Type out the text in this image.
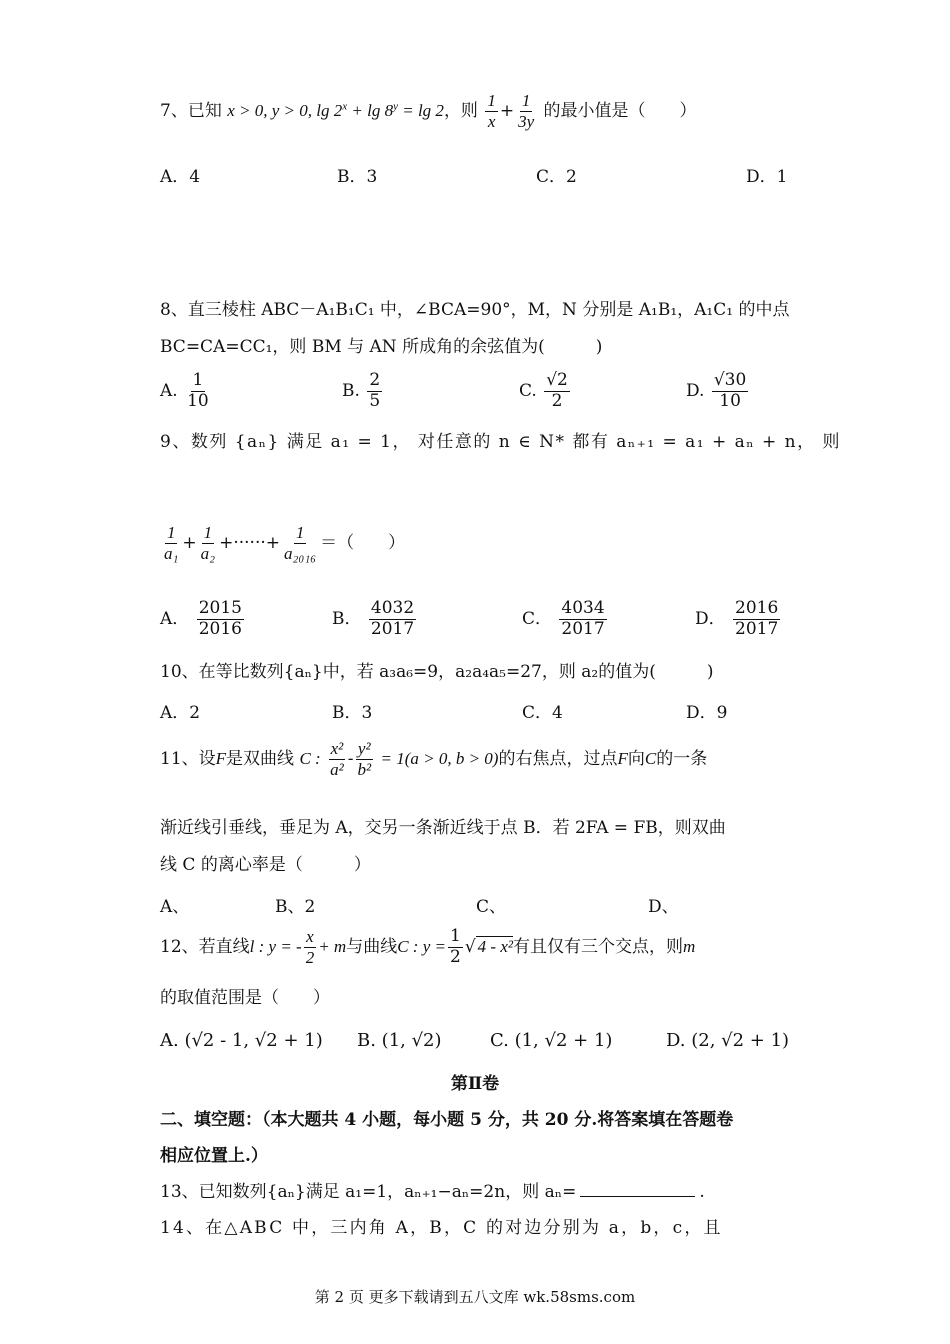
7、已知 x > 0, y > 0, $\lg 2^x + \lg 8^y = \lg 2$，则 $\frac{1}{x} + \frac{1}{3y}$ 的最小值是（　　）
A．4	B．3	C．2	D．1
8、直三棱柱 ABC－A₁B₁C₁ 中，∠BCA=90°，M，N 分别是 A₁B₁，A₁C₁ 的中点
BC=CA=CC₁，则 BM 与 AN 所成角的余弦值为(　　　)
A. $\frac{1}{10}$	B. $\frac{2}{5}$	C. $\frac{√2}{2}$	D. $\frac{√30}{10}$
9、数列 {aₙ} 满足 a₁ = 1， 对任意的 n ∈ N* 都有 aₙ₊₁ = a₁ + aₙ + n， 则
$\frac{1}{\text{a₁}} + \frac{1}{\text{a₂}}$ +······+ $\frac{1}{\text{a₂₀₁₆}}$ ＝（　　）
A． $\frac{2015}{2016}$	B． $\frac{4032}{2017}$	C． $\frac{4034}{2017}$	D． $\frac{2016}{2017}$
10、在等比数列{aₙ}中，若 a₃a₆=9，a₂a₄a₅=27，则 a₂的值为(　　　)
A．2	B．3	C．4	D．9
11、设F是双曲线 C : $\frac{\text{x²}}{\text{a²}} - \frac{\text{y²}}{\text{b²}} = 1(a > 0$, b > 0)的右焦点，过点F向C的一条
渐近线引垂线，垂足为 A，交另一条渐近线于点 B．若 2FA = FB，则双曲
线 C 的离心率是（　　　）
A、	B、2	C、	D、
12、若直线l : y = - $\frac{x}{2} + m$与曲线C : $y = \frac{1}{2}$ √ 4 - x²有且仅有三个交点，则m
的取值范围是（　　）
A. (√2 - 1, √2 + 1) B. (1, √2)	C. (1, √2 + 1)	D. (2, √2 + 1)
第Ⅱ卷
二、填空题：（本大题共 4 小题，每小题 5 分，共 20 分.将答案填在答题卷
相应位置上.）
13、已知数列{aₙ}满足 a₁=1，aₙ₊₁−aₙ=2n，则 aₙ=	.
14、在△ABC 中，三内角 A，B，C 的对边分别为 a，b，c，且
第 2 页 更多下载请到五八文库 wk.58sms.com
